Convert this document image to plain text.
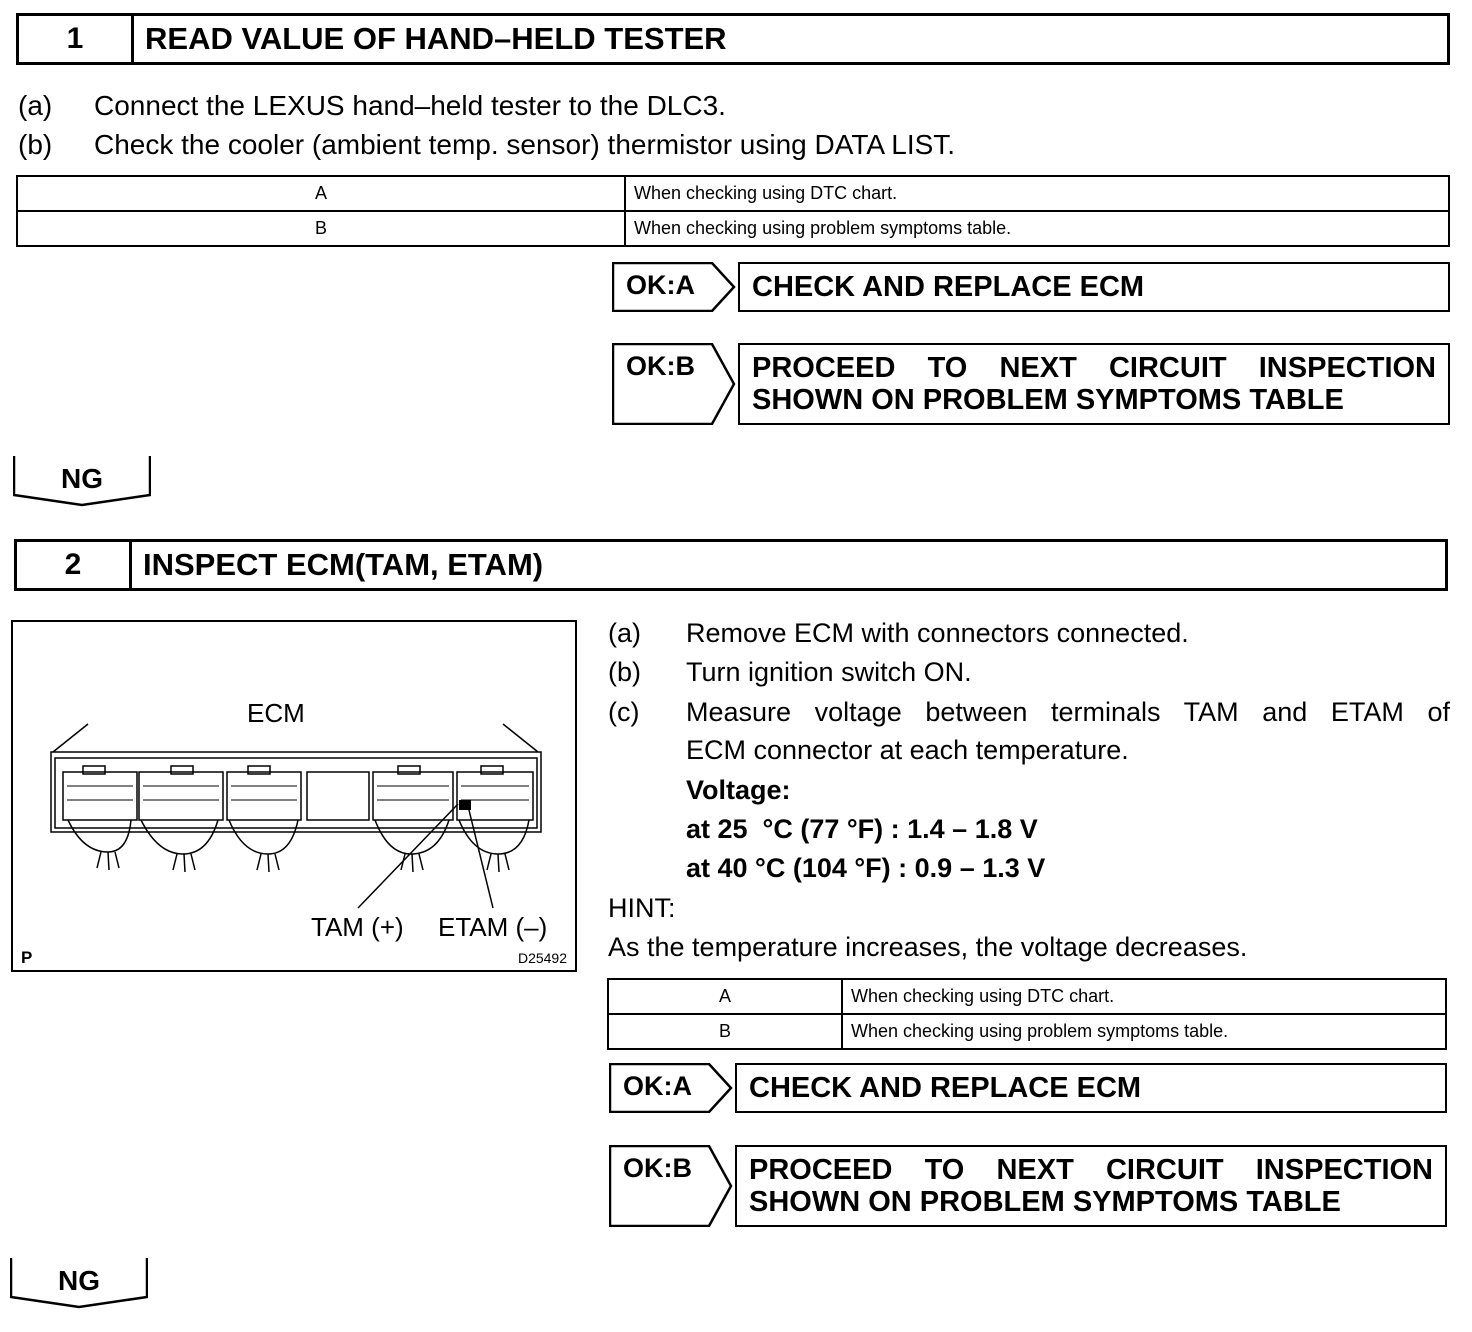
1	READ VALUE OF HAND–HELD TESTER
(a) Connect the LEXUS hand–held tester to the DLC3.
(b) Check the cooler (ambient temp. sensor) thermistor using DATA LIST.
A	When checking using DTC chart.
B	When checking using problem symptoms table.
OK:A	CHECK AND REPLACE ECM
OK:B PROCEED TO NEXT CIRCUIT INSPECTION
SHOWN ON PROBLEM SYMPTOMS TABLE
NG
2	INSPECT ECM(TAM, ETAM)
ECM
TAM (+) ETAM (–)
P	D25492
(a) Remove ECM with connectors connected.
(b) Turn ignition switch ON.
(c) Measure voltage between terminals TAM and ETAM of
ECM connector at each temperature.
Voltage:
at 25  °C (77 °F) : 1.4 – 1.8 V
at 40 °C (104 °F) : 0.9 – 1.3 V
HINT:
As the temperature increases, the voltage decreases.
A	When checking using DTC chart.
B	When checking using problem symptoms table.
OK:A	CHECK AND REPLACE ECM
OK:B PROCEED TO NEXT CIRCUIT INSPECTION
SHOWN ON PROBLEM SYMPTOMS TABLE
NG
